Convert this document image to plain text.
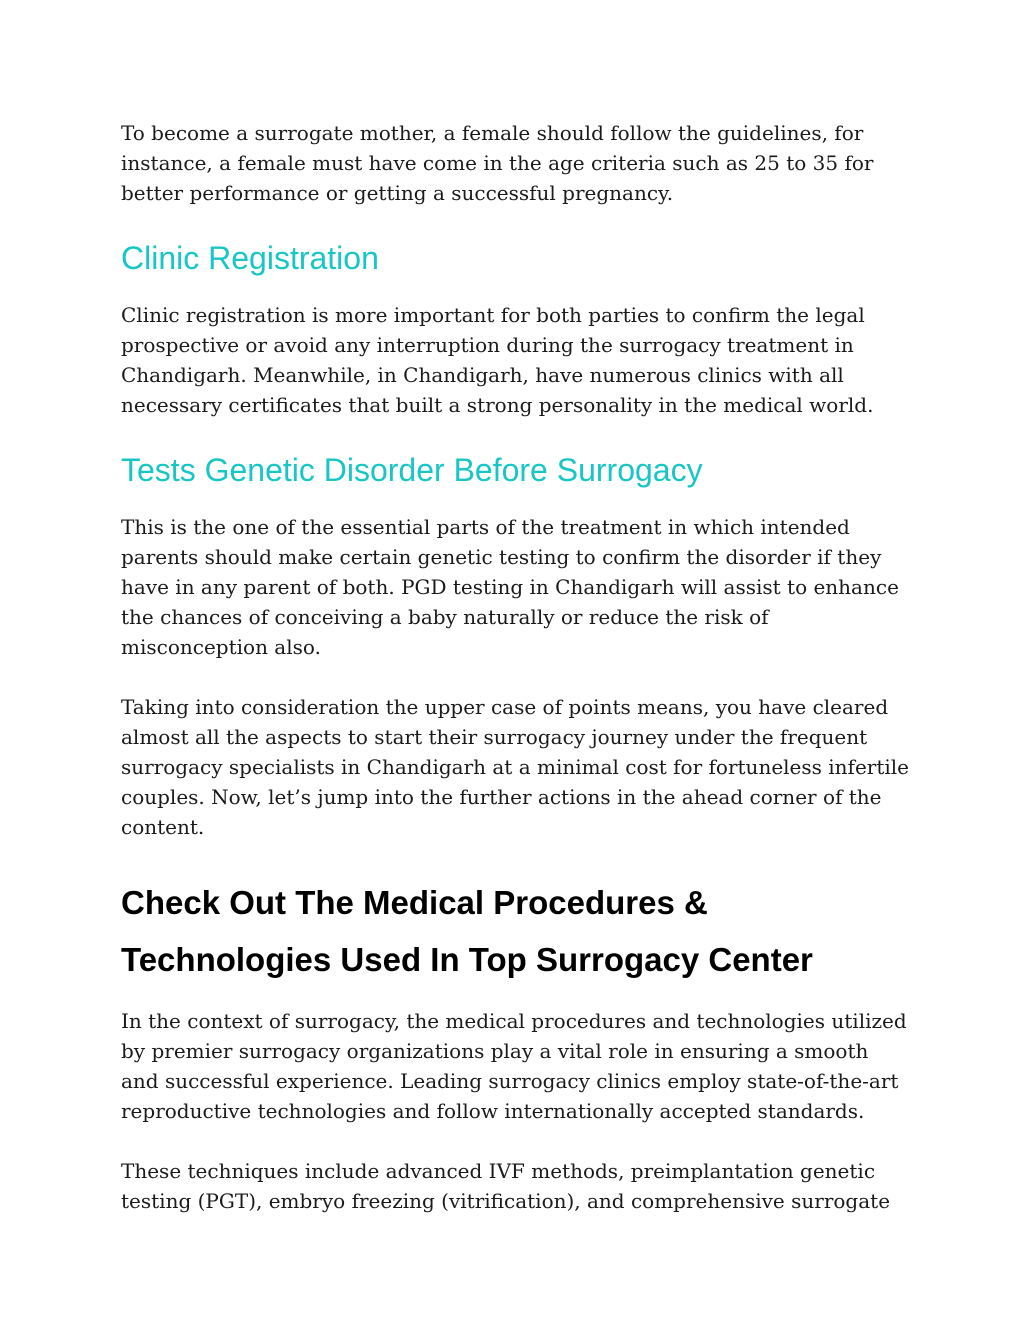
To become a surrogate mother, a female should follow the guidelines, for instance, a female must have come in the age criteria such as 25 to 35 for better performance or getting a successful pregnancy.

Clinic Registration

Clinic registration is more important for both parties to confirm the legal prospective or avoid any interruption during the surrogacy treatment in Chandigarh. Meanwhile, in Chandigarh, have numerous clinics with all necessary certificates that built a strong personality in the medical world.

Tests Genetic Disorder Before Surrogacy

This is the one of the essential parts of the treatment in which intended parents should make certain genetic testing to confirm the disorder if they have in any parent of both. PGD testing in Chandigarh will assist to enhance the chances of conceiving a baby naturally or reduce the risk of misconception also.

Taking into consideration the upper case of points means, you have cleared almost all the aspects to start their surrogacy journey under the frequent surrogacy specialists in Chandigarh at a minimal cost for fortuneless infertile couples. Now, let’s jump into the further actions in the ahead corner of the content.

Check Out The Medical Procedures & Technologies Used In Top Surrogacy Center

In the context of surrogacy, the medical procedures and technologies utilized by premier surrogacy organizations play a vital role in ensuring a smooth and successful experience. Leading surrogacy clinics employ state-of-the-art reproductive technologies and follow internationally accepted standards.

These techniques include advanced IVF methods, preimplantation genetic testing (PGT), embryo freezing (vitrification), and comprehensive surrogate
